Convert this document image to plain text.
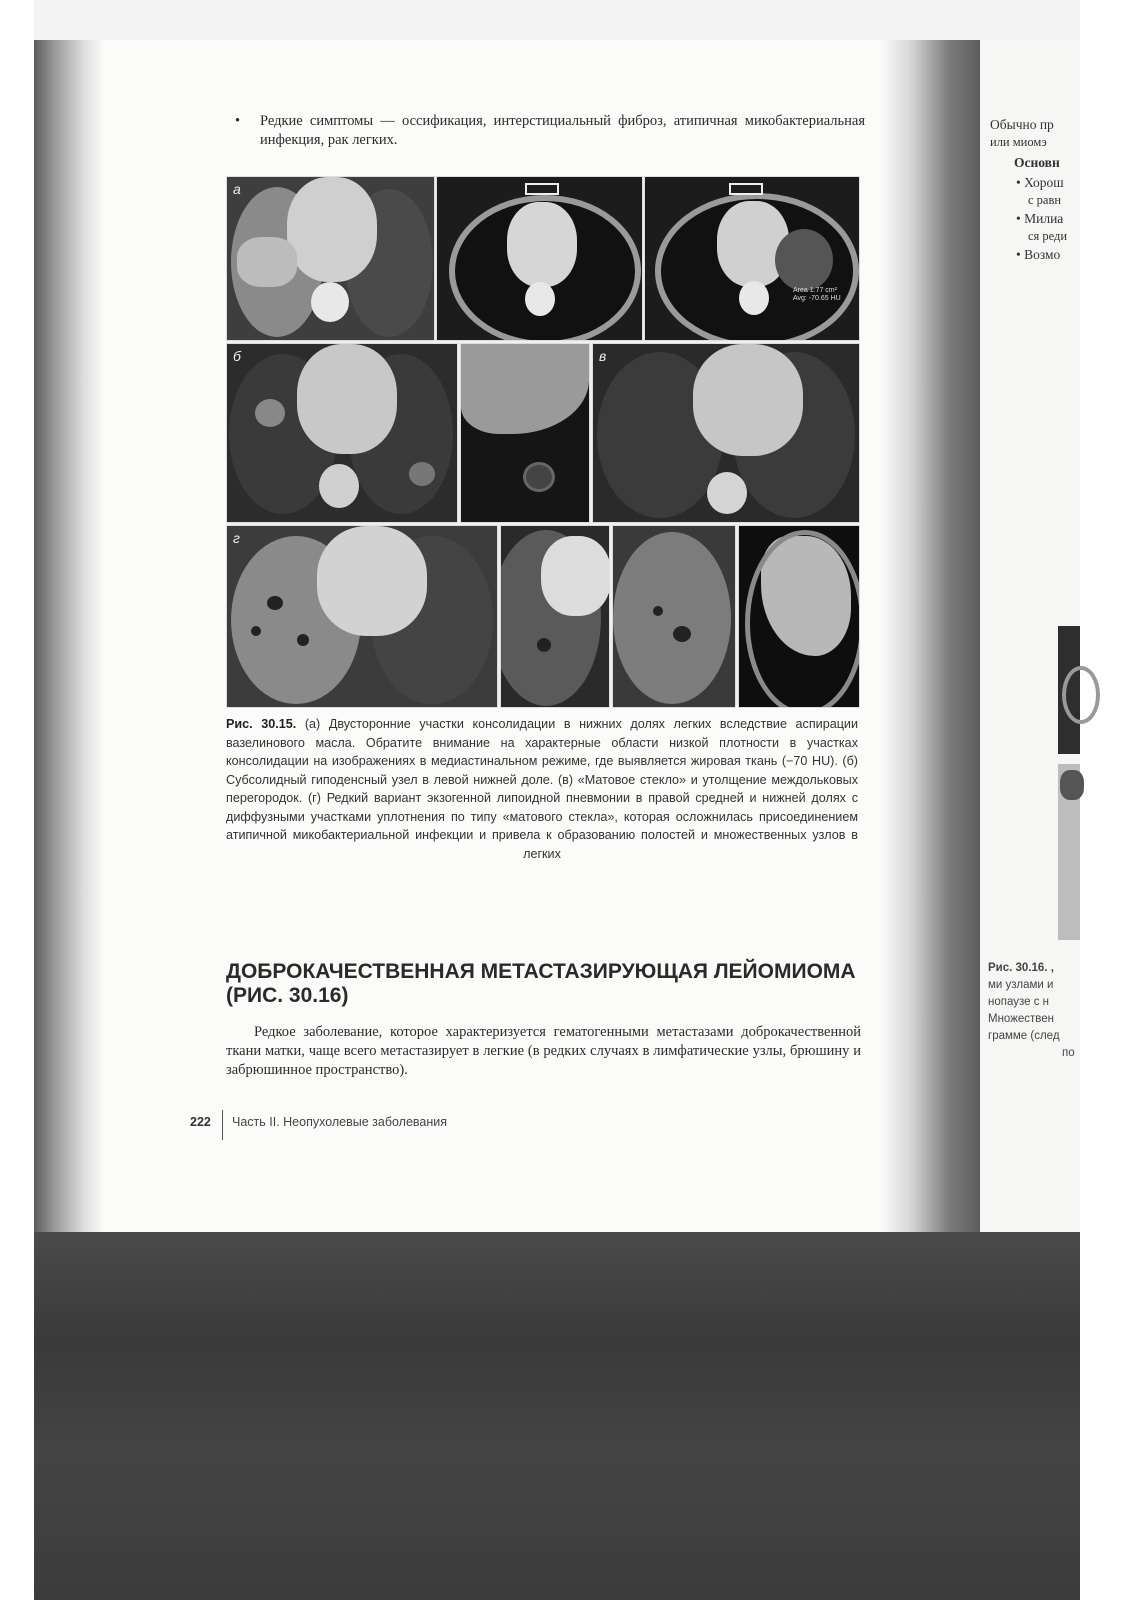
•	Редкие симптомы — оссификация, интерстициальный фиброз, атипичная микобактериальная инфекция, рак легких.
а
Area 1.77 cm²
Avg: -70.65 HU
б	в
г
Рис. 30.15. (а) Двусторонние участки консолидации в нижних долях легких вследствие аспирации вазелинового масла. Обратите внимание на характерные области низкой плотности в участках консолидации на изображениях в медиастинальном режиме, где выявляется жировая ткань (−70 HU). (б) Субсолидный гиподенсный узел в левой нижней доле. (в) «Матовое стекло» и утолщение междольковых перегородок. (г) Редкий вариант экзогенной липоидной пневмонии в правой средней и нижней долях с диффузными участками уплотнения по типу «матового стекла», которая осложнилась присоединением атипичной микобактериальной инфекции и привела к образованию полостей и множественных узлов в легких
ДОБРОКАЧЕСТВЕННАЯ МЕТАСТАЗИРУЮЩАЯ ЛЕЙОМИОМА (РИС. 30.16)
Редкое заболевание, которое характеризуется гематогенными метастазами доброкачественной ткани матки, чаще всего метастазирует в легкие (в редких случаях в лимфатические узлы, брюшину и забрюшинное пространство).
222 Часть II. Неопухолевые заболевания
Обычно пр
или миомэ
Основн
• Хорош
с равн
• Милиа
ся реди
• Возмо
Рис. 30.16. ,
ми узлами и
нопаузе с н
Множествен
грамме (след
по
